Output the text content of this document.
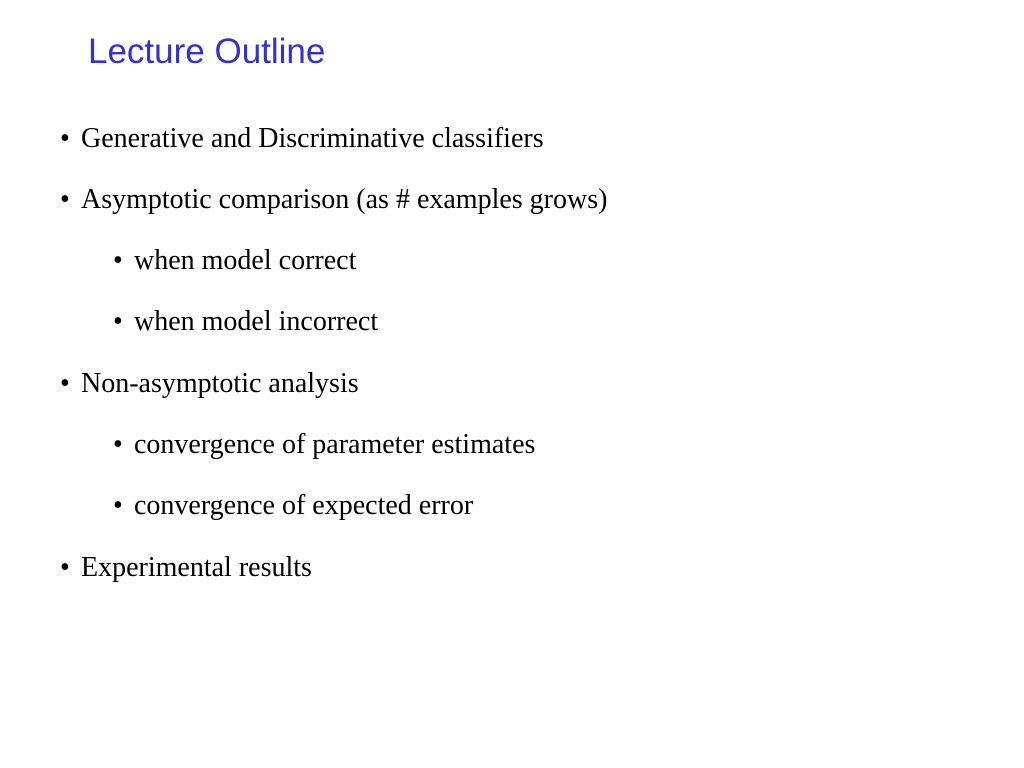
Lecture Outline
• Generative and Discriminative classifiers
• Asymptotic comparison (as # examples grows)
• when model correct
• when model incorrect
• Non-asymptotic analysis
• convergence of parameter estimates
• convergence of expected error
• Experimental results
